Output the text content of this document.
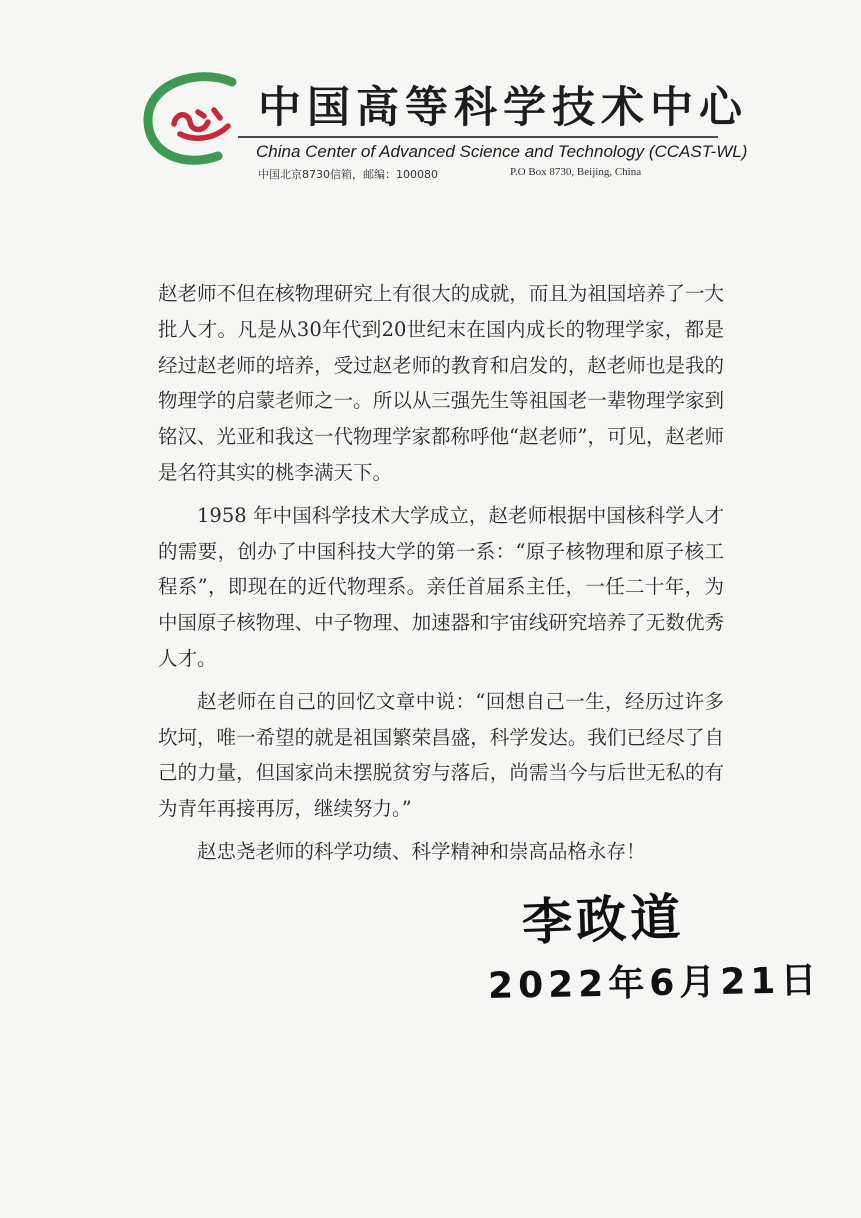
中国高等科学技术中心
China Center of Advanced Science and Technology (CCAST-WL)
中国北京8730信箱，邮编：100080	P.O Box 8730, Beijing, China

赵老师不但在核物理研究上有很大的成就，而且为祖国培养了一大批人才。凡是从30年代到20世纪末在国内成长的物理学家，都是经过赵老师的培养，受过赵老师的教育和启发的，赵老师也是我的物理学的启蒙老师之一。所以从三强先生等祖国老一辈物理学家到铭汉、光亚和我这一代物理学家都称呼他“赵老师”，可见，赵老师是名符其实的桃李满天下。

1958 年中国科学技术大学成立，赵老师根据中国核科学人才的需要，创办了中国科技大学的第一系：“原子核物理和原子核工程系”，即现在的近代物理系。亲任首届系主任，一任二十年，为中国原子核物理、中子物理、加速器和宇宙线研究培养了无数优秀人才。

赵老师在自己的回忆文章中说：“回想自己一生，经历过许多坎坷，唯一希望的就是祖国繁荣昌盛，科学发达。我们已经尽了自己的力量，但国家尚未摆脱贫穷与落后，尚需当今与后世无私的有为青年再接再厉，继续努力。”

赵忠尧老师的科学功绩、科学精神和崇高品格永存！

李政道
2022年6月21日
